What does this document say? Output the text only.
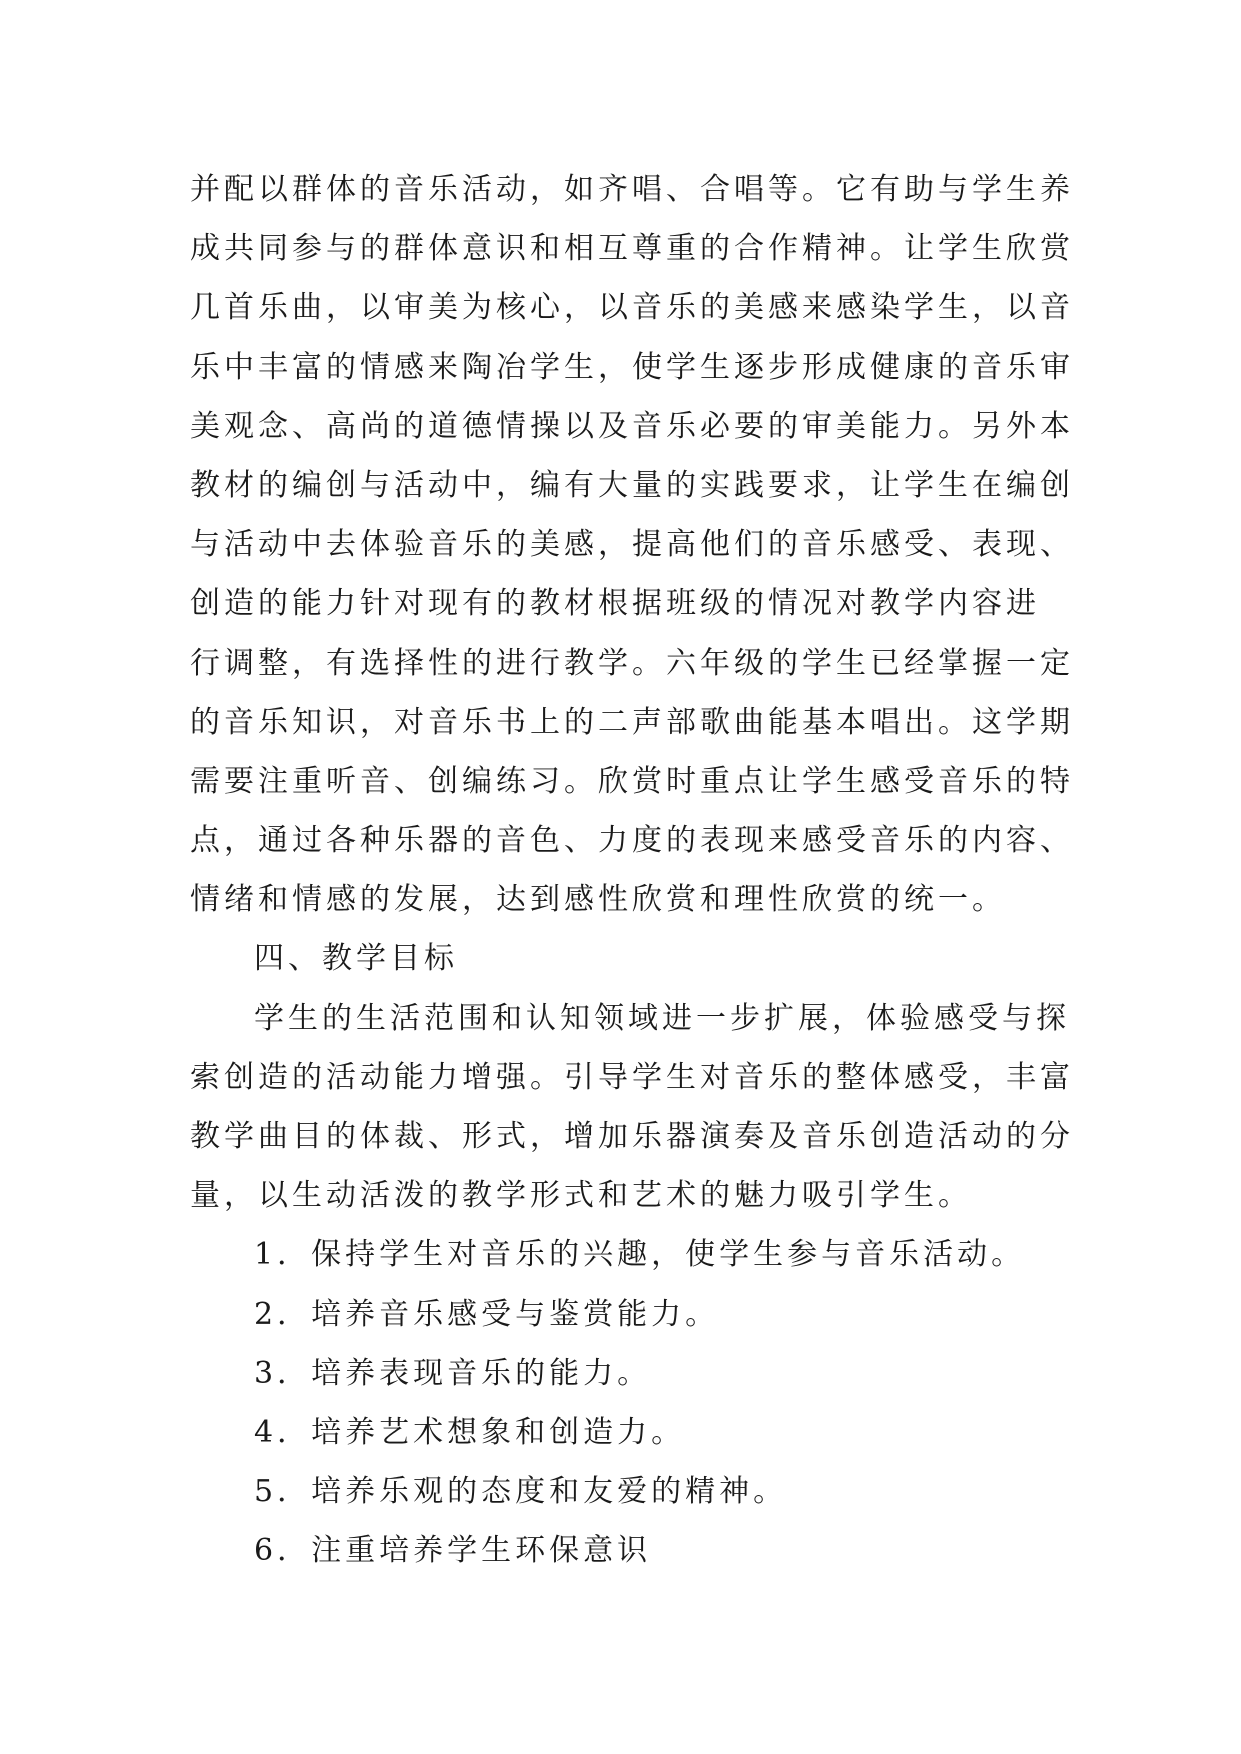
并配以群体的音乐活动，如齐唱、合唱等。它有助与学生养
成共同参与的群体意识和相互尊重的合作精神。让学生欣赏
几首乐曲，以审美为核心，以音乐的美感来感染学生，以音
乐中丰富的情感来陶冶学生，使学生逐步形成健康的音乐审
美观念、高尚的道德情操以及音乐必要的审美能力。另外本
教材的编创与活动中，编有大量的实践要求，让学生在编创
与活动中去体验音乐的美感，提高他们的音乐感受、表现、
创造的能力针对现有的教材根据班级的情况对教学内容进
行调整，有选择性的进行教学。六年级的学生已经掌握一定
的音乐知识，对音乐书上的二声部歌曲能基本唱出。这学期
需要注重听音、创编练习。欣赏时重点让学生感受音乐的特
点，通过各种乐器的音色、力度的表现来感受音乐的内容、
情绪和情感的发展，达到感性欣赏和理性欣赏的统一。
四、教学目标
学生的生活范围和认知领域进一步扩展，体验感受与探
索创造的活动能力增强。引导学生对音乐的整体感受，丰富
教学曲目的体裁、形式，增加乐器演奏及音乐创造活动的分
量，以生动活泼的教学形式和艺术的魅力吸引学生。
1．保持学生对音乐的兴趣，使学生参与音乐活动。
2．培养音乐感受与鉴赏能力。
3．培养表现音乐的能力。
4．培养艺术想象和创造力。
5．培养乐观的态度和友爱的精神。
6．注重培养学生环保意识
